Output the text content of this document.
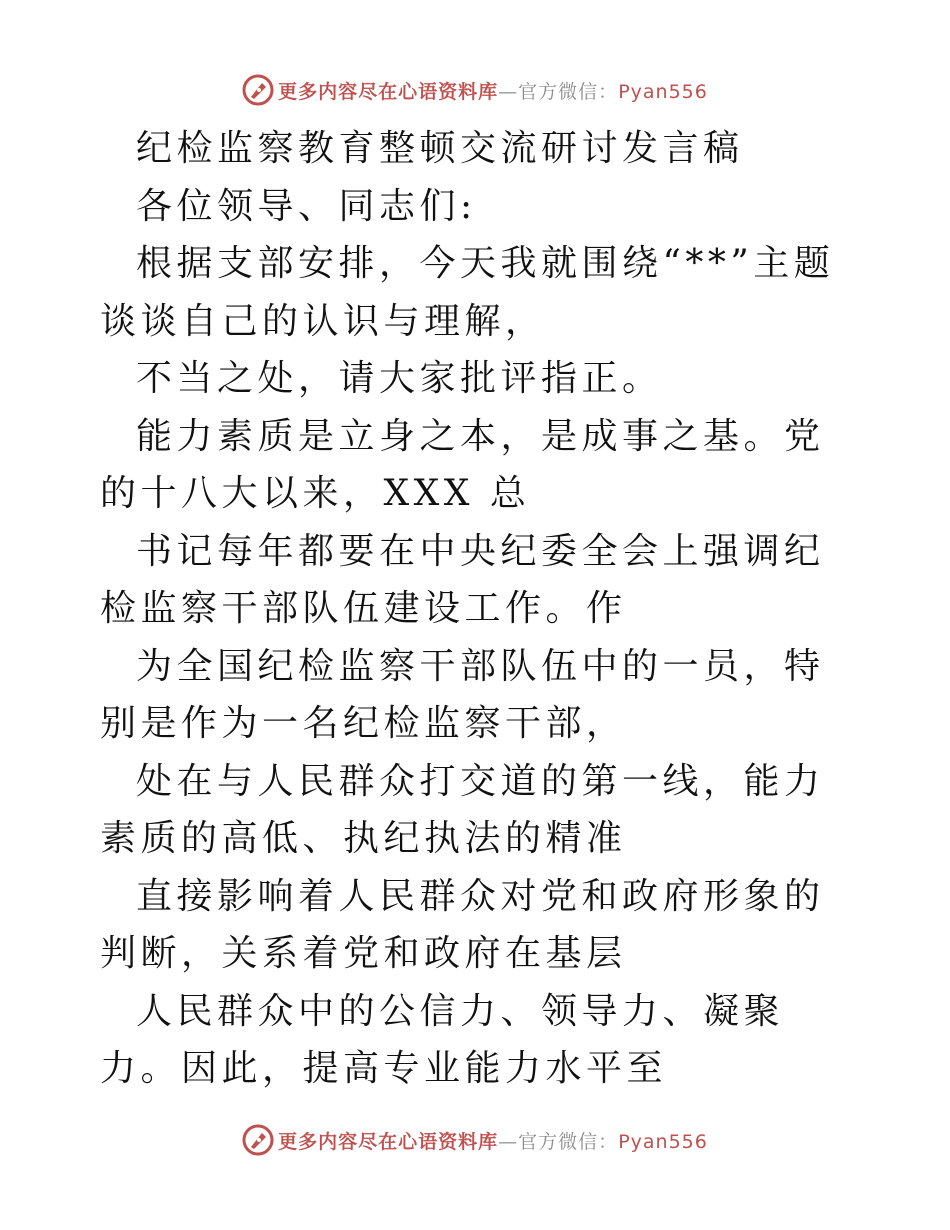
更多内容尽在心语资料库—官方微信：Pyan556

纪检监察教育整顿交流研讨发言稿

各位领导、同志们:

根据支部安排，今天我就围绕“**”主题谈谈自己的认识与理解，

不当之处，请大家批评指正。

能力素质是立身之本，是成事之基。党的十八大以来，XXX 总

书记每年都要在中央纪委全会上强调纪检监察干部队伍建设工作。作

为全国纪检监察干部队伍中的一员，特别是作为一名纪检监察干部，

处在与人民群众打交道的第一线，能力素质的高低、执纪执法的精准

直接影响着人民群众对党和政府形象的判断，关系着党和政府在基层

人民群众中的公信力、领导力、凝聚力。因此，提高专业能力水平至

更多内容尽在心语资料库—官方微信：Pyan556
